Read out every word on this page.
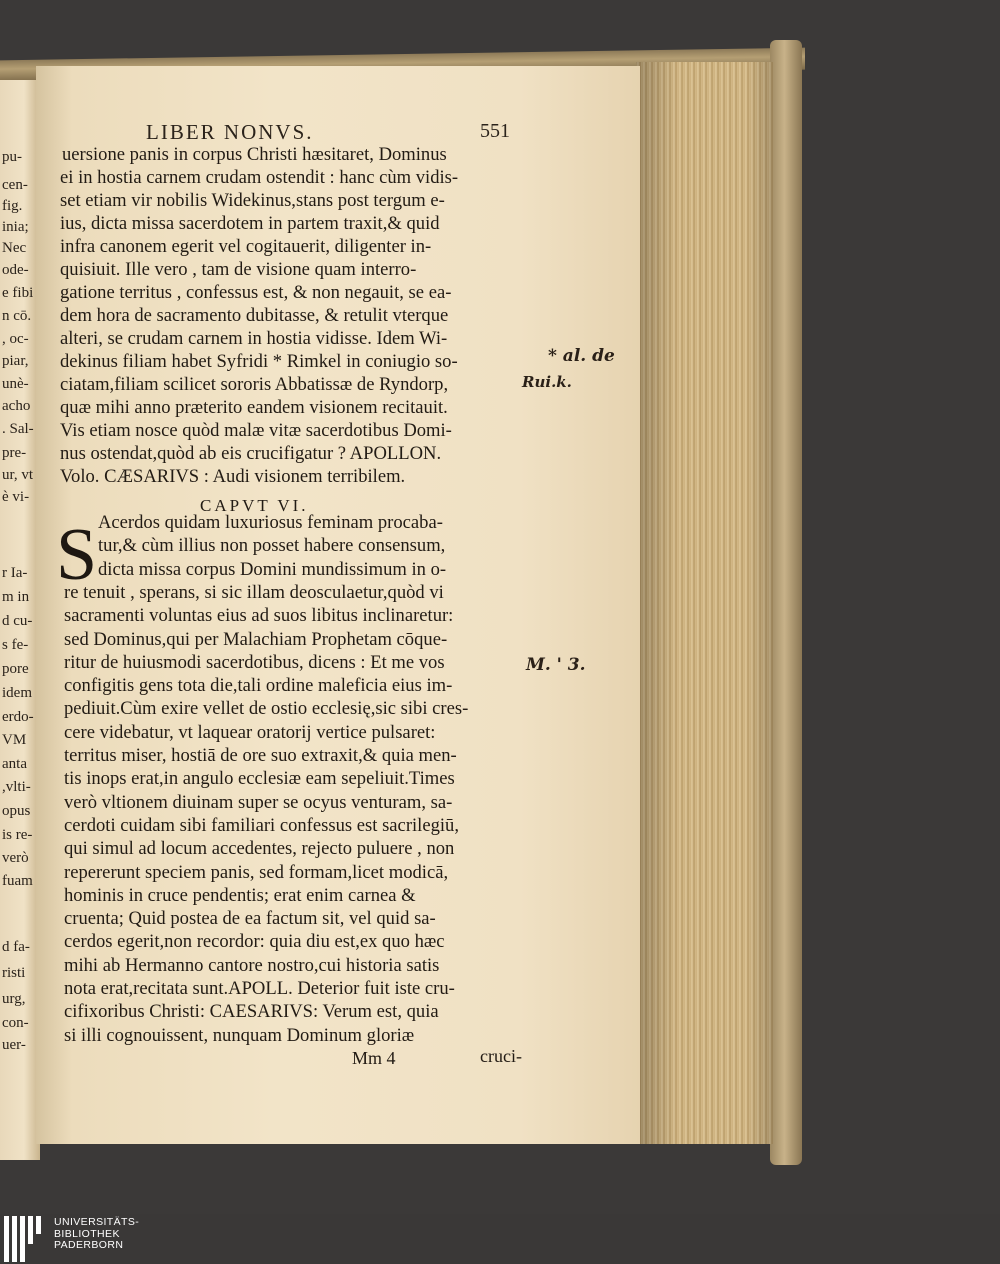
pu-
cen-
fig.
inia;
Nec
ode-
e fibi
n cō.
, oc-
piar,
unè-
acho
. Sal-
pre-
ur, vt
è vi-
r Ia-
m in
d cu-
s fe-
pore
idem
erdo-
VM
anta
,vlti-
opus
is re-
verò
fuam
d fa-
risti
urg,
con-
uer-
LIBER NONVS.	551
uersione panis in corpus Christi hæsitaret, Dominus
ei in hostia carnem crudam ostendit : hanc cùm vidis-
set etiam vir nobilis Widekinus,stans post tergum e-
ius, dicta missa sacerdotem in partem traxit,& quid
infra canonem egerit vel cogitauerit, diligenter in-
quisiuit. Ille vero , tam de visione quam interro-
gatione territus , confessus est, & non negauit, se ea-
dem hora de sacramento dubitasse, & retulit vterque
alteri, se crudam carnem in hostia vidisse. Idem Wi-
dekinus filiam habet Syfridi * Rimkel in coniugio so-
ciatam,filiam scilicet sororis Abbatissæ de Ryndorp,
quæ mihi anno præterito eandem visionem recitauit.
Vis etiam nosce quòd malæ vitæ sacerdotibus Domi-
nus ostendat,quòd ab eis crucifigatur ? APOLLON.
Volo. CÆSARIVS : Audi visionem terribilem.
CAPVT VI.
S Acerdos quidam luxuriosus feminam procaba-
tur,& cùm illius non posset habere consensum,
dicta missa corpus Domini mundissimum in o-
re tenuit , sperans, si sic illam deosculaetur,quòd vi
sacramenti voluntas eius ad suos libitus inclinaretur:
sed Dominus,qui per Malachiam Prophetam cōque-
ritur de huiusmodi sacerdotibus, dicens : Et me vos
configitis gens tota die,tali ordine maleficia eius im-
pediuit.Cùm exire vellet de ostio ecclesię,sic sibi cres-
cere videbatur, vt laquear oratorij vertice pulsaret:
territus miser, hostiā de ore suo extraxit,& quia men-
tis inops erat,in angulo ecclesiæ eam sepeliuit.Times
verò vltionem diuinam super se ocyus venturam, sa-
cerdoti cuidam sibi familiari confessus est sacrilegiū,
qui simul ad locum accedentes, rejecto puluere , non
repererunt speciem panis, sed formam,licet modicā,
hominis in cruce pendentis; erat enim carnea &
cruenta; Quid postea de ea factum sit, vel quid sa-
cerdos egerit,non recordor: quia diu est,ex quo hæc
mihi ab Hermanno cantore nostro,cui historia satis
nota erat,recitata sunt.APOLL. Deterior fuit iste cru-
cifixoribus Christi: CAESARIVS: Verum est, quia
si illi cognouissent, nunquam Dominum gloriæ
* al. de
Rui.k.
M. ' 3.
Mm 4	cruci-
UNIVERSITÄTS-
BIBLIOTHEK
PADERBORN
